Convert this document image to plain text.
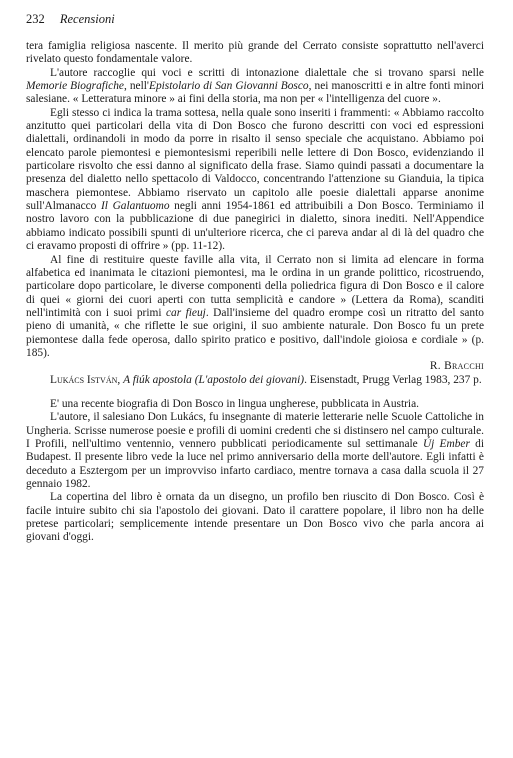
232 Recensioni

tera famiglia religiosa nascente. Il merito più grande del Cerrato consiste soprattutto nell'averci rivelato questo fondamentale valore.

L'autore raccoglie qui voci e scritti di intonazione dialettale che si trovano sparsi nelle Memorie Biografiche, nell'Epistolario di San Giovanni Bosco, nei manoscritti e in altre fonti minori salesiane. « Letteratura minore » ai fini della storia, ma non per « l'intelligenza del cuore ».

Egli stesso ci indica la trama sottesa, nella quale sono inseriti i frammenti: « Abbiamo raccolto anzitutto quei particolari della vita di Don Bosco che furono descritti con voci ed espressioni dialettali, ordinandoli in modo da porre in risalto il senso speciale che acquistano. Abbiamo poi elencato parole piemontesi e piemontesismi reperibili nelle lettere di Don Bosco, evidenziando il particolare risvolto che essi danno al significato della frase. Siamo quindi passati a documentare la presenza del dialetto nello spettacolo di Valdocco, concentrando l'attenzione su Gianduia, la tipica maschera piemontese. Abbiamo riservato un capitolo alle poesie dialettali apparse anonime sull'Almanacco Il Galantuomo negli anni 1954-1861 ed attribuibili a Don Bosco. Terminiamo il nostro lavoro con la pubblicazione di due panegirici in dialetto, sinora inediti. Nell'Appendice abbiamo indicato possibili spunti di un'ulteriore ricerca, che ci pareva andar al di là del quadro che ci eravamo proposti di offrire » (pp. 11-12).

Al fine di restituire queste faville alla vita, il Cerrato non si limita ad elencare in forma alfabetica ed inanimata le citazioni piemontesi, ma le ordina in un grande polittico, ricostruendo, particolare dopo particolare, le diverse componenti della poliedrica figura di Don Bosco e il calore di quei « giorni dei cuori aperti con tutta semplicità e candore » (Lettera da Roma), scanditi nell'intimità con i suoi primi car fieuj. Dall'insieme del quadro erompe così un ritratto del santo pieno di umanità, « che riflette le sue origini, il suo ambiente naturale. Don Bosco fu un prete piemontese dalla fede operosa, dallo spirito pratico e positivo, dall'indole gioiosa e cordiale » (p. 185).

R. Bracchi

Lukács István, A fiúk apostola (L'apostolo dei giovani). Eisenstadt, Prugg Verlag 1983, 237 p.

E' una recente biografia di Don Bosco in lingua ungherese, pubblicata in Austria.

L'autore, il salesiano Don Lukács, fu insegnante di materie letterarie nelle Scuole Cattoliche in Ungheria. Scrisse numerose poesie e profili di uomini credenti che si distinsero nel campo culturale. I Profili, nell'ultimo ventennio, vennero pubblicati periodicamente sul settimanale Új Ember di Budapest. Il presente libro vede la luce nel primo anniversario della morte dell'autore. Egli infatti è deceduto a Esztergom per un improvviso infarto cardiaco, mentre tornava a casa dalla scuola il 27 gennaio 1982.

La copertina del libro è ornata da un disegno, un profilo ben riuscito di Don Bosco. Così è facile intuire subito chi sia l'apostolo dei giovani. Dato il carattere popolare, il libro non ha delle pretese particolari; semplicemente intende presentare un Don Bosco vivo che parla ancora ai giovani d'oggi.
